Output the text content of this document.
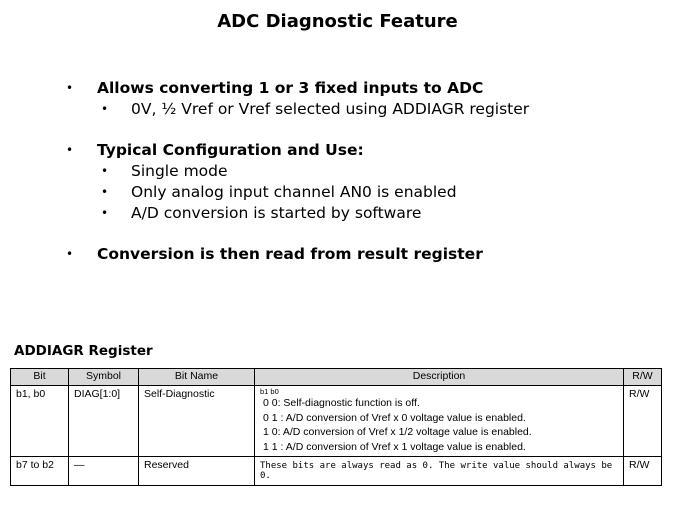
ADC Diagnostic Feature
• Allows converting 1 or 3 fixed inputs to ADC
• 0V, ½ Vref or Vref selected using ADDIAGR register
• Typical Configuration and Use:
• Single mode
• Only analog input channel AN0 is enabled
• A/D conversion is started by software
• Conversion is then read from result register
ADDIAGR Register
Bit	Symbol	Bit Name	Description	R/W
b1, b0	DIAG[1:0]	Self-Diagnostic	b1 b0
0 0: Self-diagnostic function is off.
0 1 : A/D conversion of Vref x 0 voltage value is enabled.
1 0: A/D conversion of Vref x 1/2 voltage value is enabled.
1 1 : A/D conversion of Vref x 1 voltage value is enabled.	R/W
b7 to b2	—	Reserved	These bits are always read as 0. The write value should always be 0.	R/W
